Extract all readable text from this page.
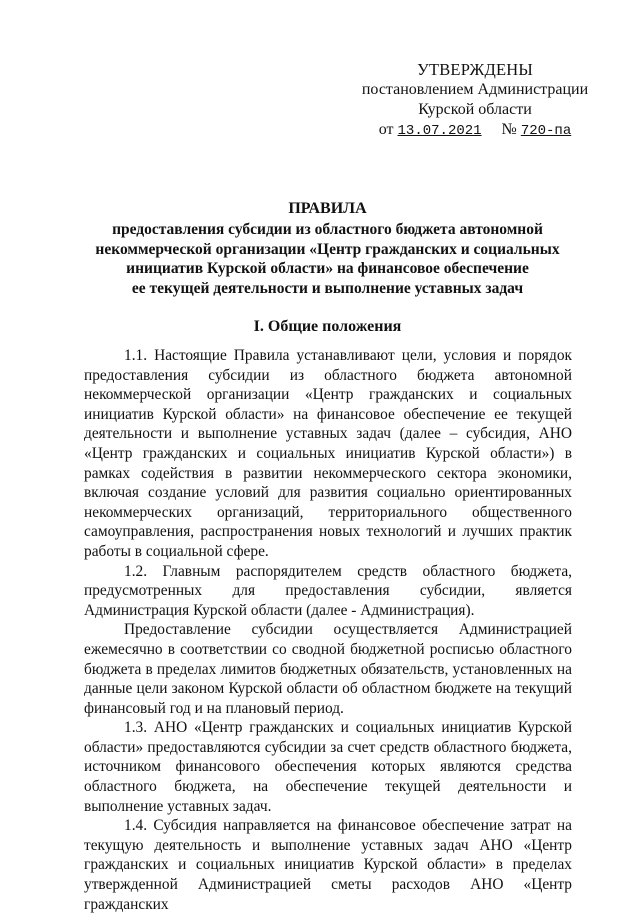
УТВЕРЖДЕНЫ
постановлением Администрации
Курской области
от 13.07.2021 № 720-па
ПРАВИЛА
предоставления субсидии из областного бюджета автономной
некоммерческой организации «Центр гражданских и социальных
инициатив Курской области» на финансовое обеспечение
ее текущей деятельности и выполнение уставных задач
I. Общие положения

1.1. Настоящие Правила устанавливают цели, условия и порядок предоставления субсидии из областного бюджета автономной некоммерческой организации «Центр гражданских и социальных инициатив Курской области» на финансовое обеспечение ее текущей деятельности и выполнение уставных задач (далее – субсидия, АНО «Центр гражданских и социальных инициатив Курской области») в рамках содействия в развитии некоммерческого сектора экономики, включая создание условий для развития социально ориентированных некоммерческих организаций, территориального общественного самоуправления, распространения новых технологий и лучших практик работы в социальной сфере.

1.2. Главным распорядителем средств областного бюджета, предусмотренных для предоставления субсидии, является Администрация Курской области (далее - Администрация).

Предоставление субсидии осуществляется Администрацией ежемесячно в соответствии со сводной бюджетной росписью областного бюджета в пределах лимитов бюджетных обязательств, установленных на данные цели законом Курской области об областном бюджете на текущий финансовый год и на плановый период.

1.3. АНО «Центр гражданских и социальных инициатив Курской области» предоставляются субсидии за счет средств областного бюджета, источником финансового обеспечения которых являются средства областного бюджета, на обеспечение текущей деятельности и выполнение уставных задач.

1.4. Субсидия направляется на финансовое обеспечение затрат на текущую деятельность и выполнение уставных задач АНО «Центр гражданских и социальных инициатив Курской области» в пределах утвержденной Администрацией сметы расходов АНО «Центр гражданских
